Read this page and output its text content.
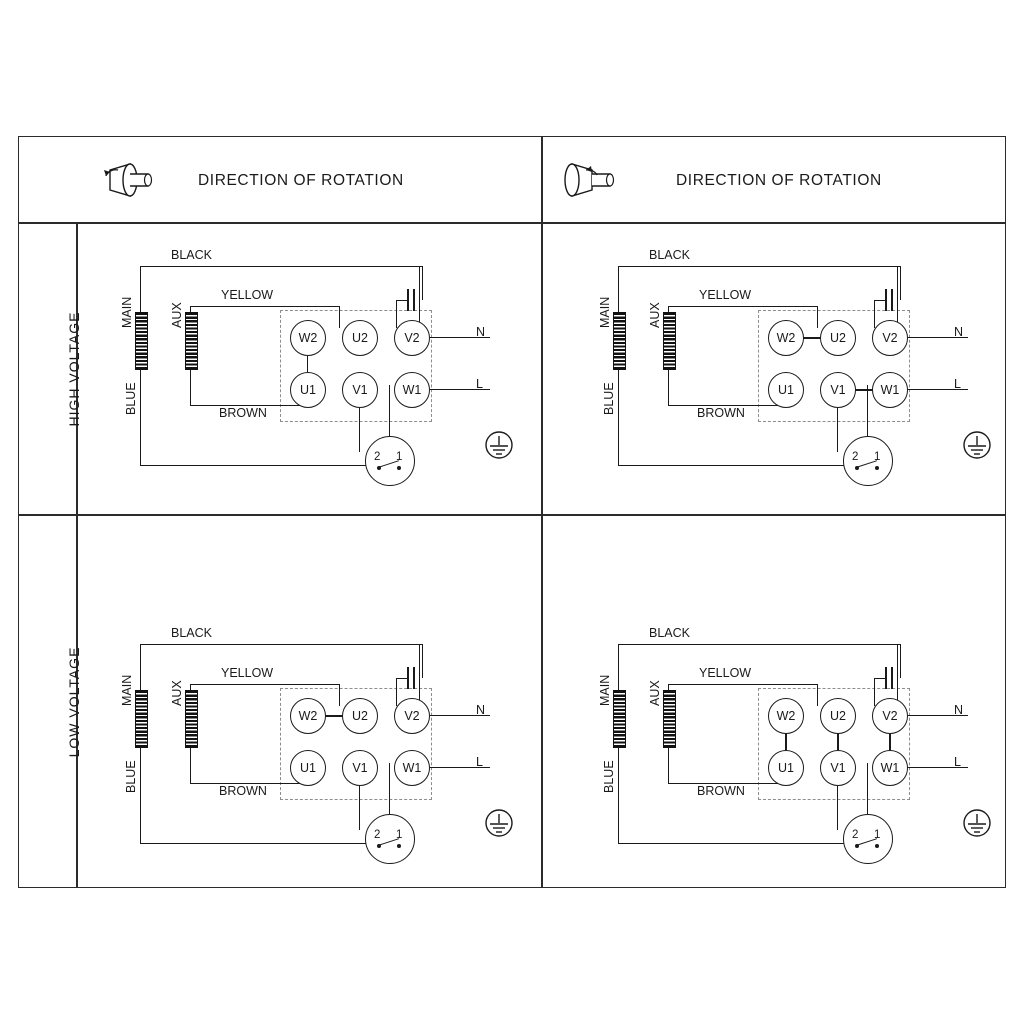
DIRECTION OF ROTATION	DIRECTION OF ROTATION
HIGH VOLTAGE
LOW VOLTAGE
MAIN	AUX
BLACK
YELLOW
BROWN
BLUE
W2	U2	V2
U1	V1	W1
N
L
2 1
MAIN	AUX
BLACK
YELLOW
BROWN
BLUE
W2	U2	V2
U1	V1	W1
N
L
2 1
MAIN	AUX
BLACK
YELLOW
BROWN
BLUE
W2	U2	V2
U1	V1	W1
N
L
2 1
MAIN	AUX
BLACK
YELLOW
BROWN
BLUE
W2	U2	V2
U1	V1	W1
N
L
2 1
